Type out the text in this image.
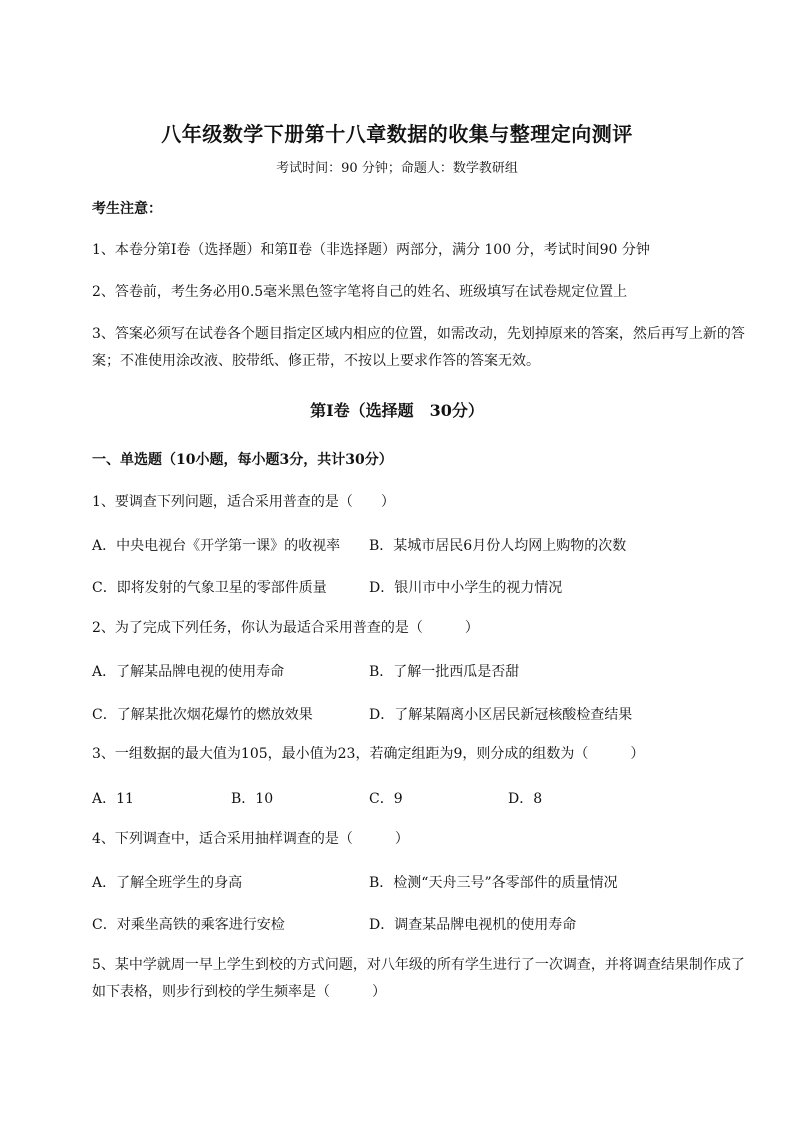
八年级数学下册第十八章数据的收集与整理定向测评
考试时间：90 分钟；命题人：数学教研组
考生注意：
1、本卷分第Ⅰ卷（选择题）和第Ⅱ卷（非选择题）两部分，满分 100 分，考试时间90 分钟
2、答卷前，考生务必用0.5毫米黑色签字笔将自己的姓名、班级填写在试卷规定位置上
3、答案必须写在试卷各个题目指定区域内相应的位置，如需改动，先划掉原来的答案，然后再写上新的答案；不准使用涂改液、胶带纸、修正带，不按以上要求作答的答案无效。
第Ⅰ卷（选择题　30分）
一、单选题（10小题，每小题3分，共计30分）
1、要调查下列问题，适合采用普查的是（　　）
A．中央电视台《开学第一课》的收视率 B．某城市居民6月份人均网上购物的次数
C．即将发射的气象卫星的零部件质量	D．银川市中小学生的视力情况
2、为了完成下列任务，你认为最适合采用普查的是（　　　）
A．了解某品牌电视的使用寿命	B．了解一批西瓜是否甜
C．了解某批次烟花爆竹的燃放效果	D．了解某隔离小区居民新冠核酸检查结果
3、一组数据的最大值为105，最小值为23，若确定组距为9，则分成的组数为（　　　）
A．11	B．10	C．9	D．8
4、下列调查中，适合采用抽样调查的是（　　　）
A．了解全班学生的身高	B．检测“天舟三号”各零部件的质量情况
C．对乘坐高铁的乘客进行安检	D．调查某品牌电视机的使用寿命
5、某中学就周一早上学生到校的方式问题，对八年级的所有学生进行了一次调查，并将调查结果制作成了如下表格，则步行到校的学生频率是（　　　）
